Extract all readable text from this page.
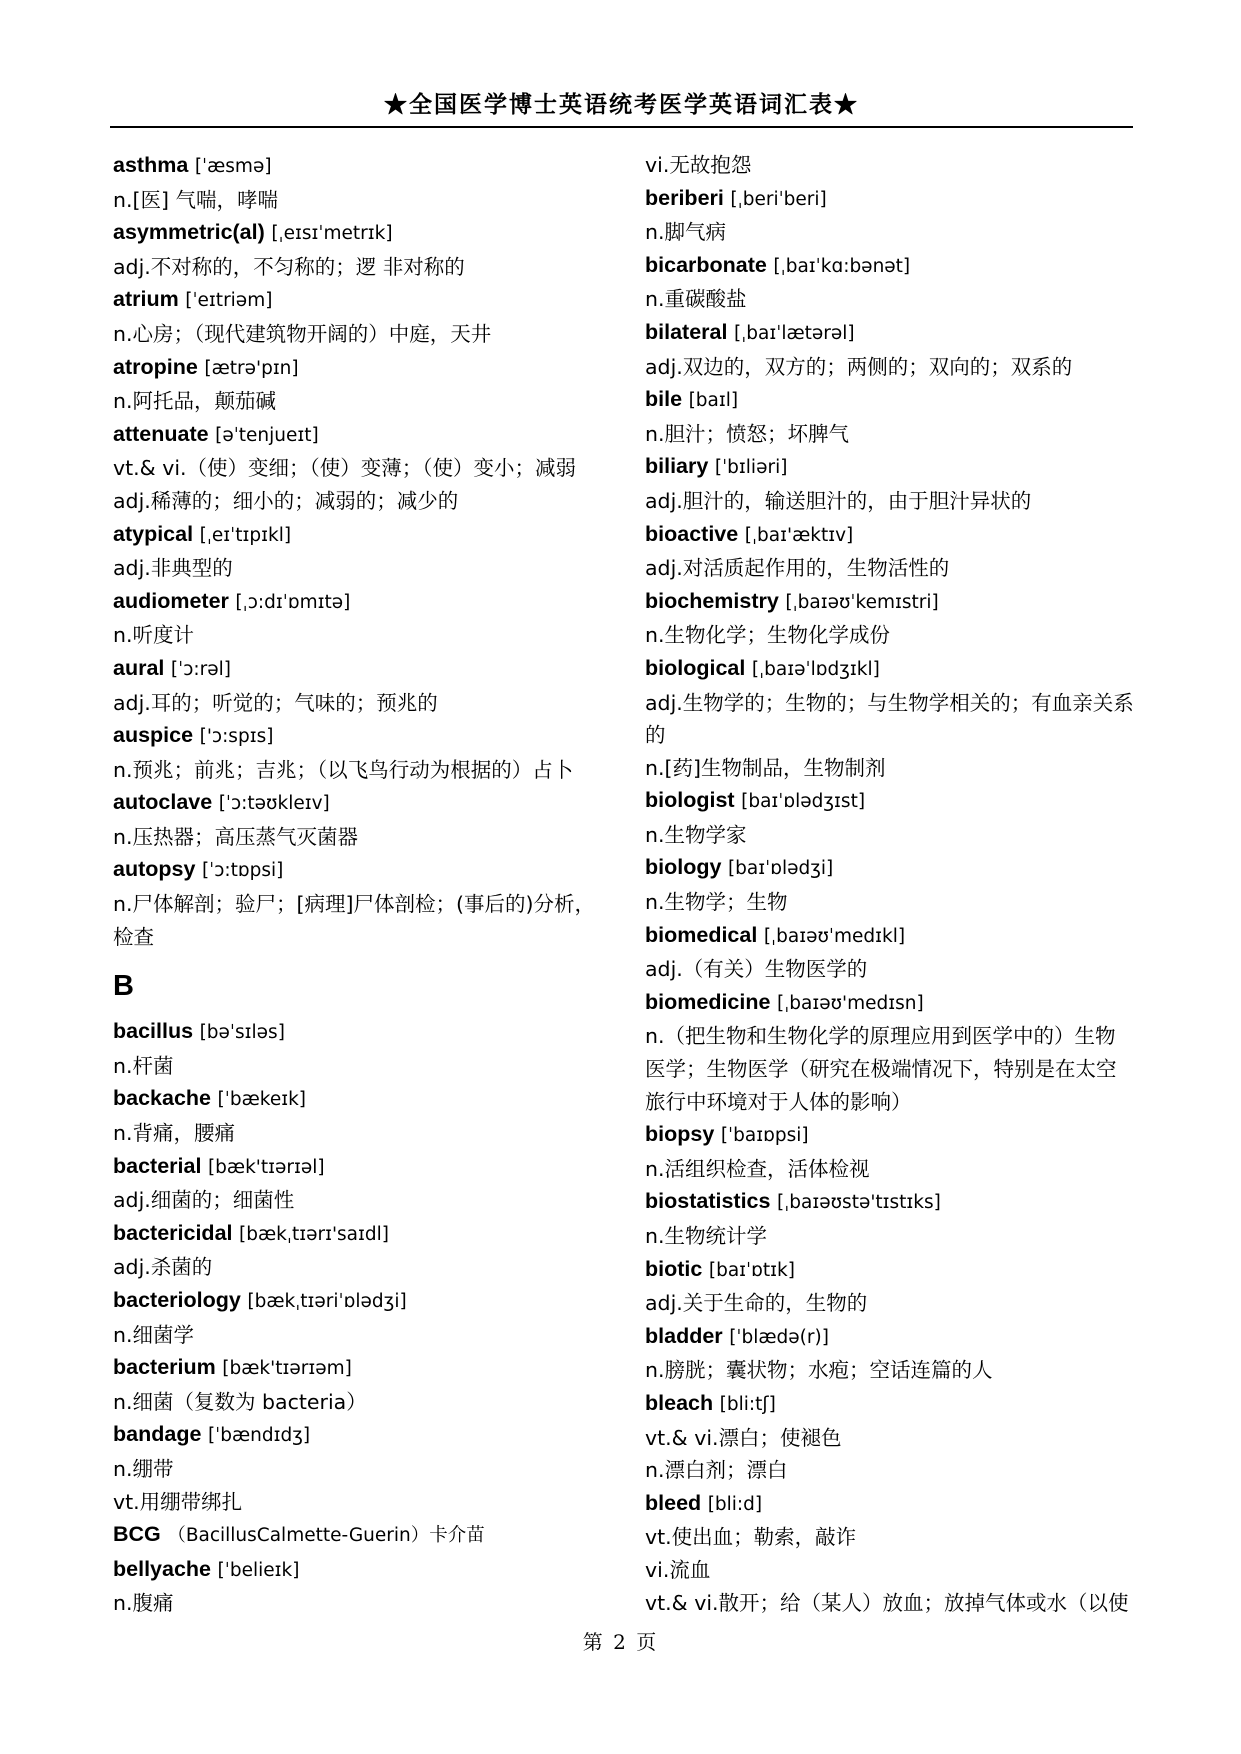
★全国医学博士英语统考医学英语词汇表★
asthma [ˈæsmə]
n.[医] 气喘，哮喘
asymmetric(al) [ˌeɪsɪˈmetrɪk]
adj.不对称的，不匀称的；逻 非对称的
atrium [ˈeɪtriəm]
n.心房；（现代建筑物开阔的）中庭，天井
atropine [ætrə'pɪn]
n.阿托品，颠茄碱
attenuate [əˈtenjueɪt]
vt.& vi.（使）变细；（使）变薄；（使）变小；减弱
adj.稀薄的；细小的；减弱的；减少的
atypical [ˌeɪˈtɪpɪkl]
adj.非典型的
audiometer [ˌɔ:dɪˈɒmɪtə]
n.听度计
aural [ˈɔ:rəl]
adj.耳的；听觉的；气味的；预兆的
auspice ['ɔ:spɪs]
n.预兆；前兆；吉兆；（以飞鸟行动为根据的）占卜
autoclave [ˈɔ:təʊkleɪv]
n.压热器；高压蒸气灭菌器
autopsy [ˈɔ:tɒpsi]
n.尸体解剖；验尸；[病理]尸体剖检；(事后的)分析，检查
B
bacillus [bəˈsɪləs]
n.杆菌
backache [ˈbækeɪk]
n.背痛，腰痛
bacterial [bæk'tɪərɪəl]
adj.细菌的；细菌性
bactericidal [bækˌtɪərɪ'saɪdl]
adj.杀菌的
bacteriology [bækˌtɪəriˈɒlədʒi]
n.细菌学
bacterium [bæk'tɪərɪəm]
n.细菌（复数为 bacteria）
bandage [ˈbændɪdʒ]
n.绷带
vt.用绷带绑扎
BCG （BacillusCalmette-Guerin）卡介苗
bellyache [ˈbelieɪk]
n.腹痛
vi.无故抱怨
beriberi [ˌberiˈberi]
n.脚气病
bicarbonate [ˌbaɪˈkɑ:bənət]
n.重碳酸盐
bilateral [ˌbaɪˈlætərəl]
adj.双边的，双方的；两侧的；双向的；双系的
bile [baɪl]
n.胆汁；愤怒；坏脾气
biliary [ˈbɪliəri]
adj.胆汁的，输送胆汁的，由于胆汁异状的
bioactive [ˌbaɪ'æktɪv]
adj.对活质起作用的，生物活性的
biochemistry [ˌbaɪəʊˈkemɪstri]
n.生物化学；生物化学成份
biological [ˌbaɪəˈlɒdʒɪkl]
adj.生物学的；生物的；与生物学相关的；有血亲关系的
n.[药]生物制品，生物制剂
biologist [baɪˈɒlədʒɪst]
n.生物学家
biology [baɪˈɒlədʒi]
n.生物学；生物
biomedical [ˌbaɪəʊˈmedɪkl]
adj.（有关）生物医学的
biomedicine [ˌbaɪəʊ'medɪsn]
n.（把生物和生物化学的原理应用到医学中的）生物医学；生物医学（研究在极端情况下，特别是在太空旅行中环境对于人体的影响）
biopsy [ˈbaɪɒpsi]
n.活组织检查，活体检视
biostatistics [ˌbaɪəʊstə'tɪstɪks]
n.生物统计学
biotic [baɪˈɒtɪk]
adj.关于生命的，生物的
bladder [ˈblædə(r)]
n.膀胱；囊状物；水疱；空话连篇的人
bleach [bli:tʃ]
vt.& vi.漂白；使褪色
n.漂白剂；漂白
bleed [bli:d]
vt.使出血；勒索，敲诈
vi.流血
vt.& vi.散开；给（某人）放血；放掉气体或水（以使
第 2 页
